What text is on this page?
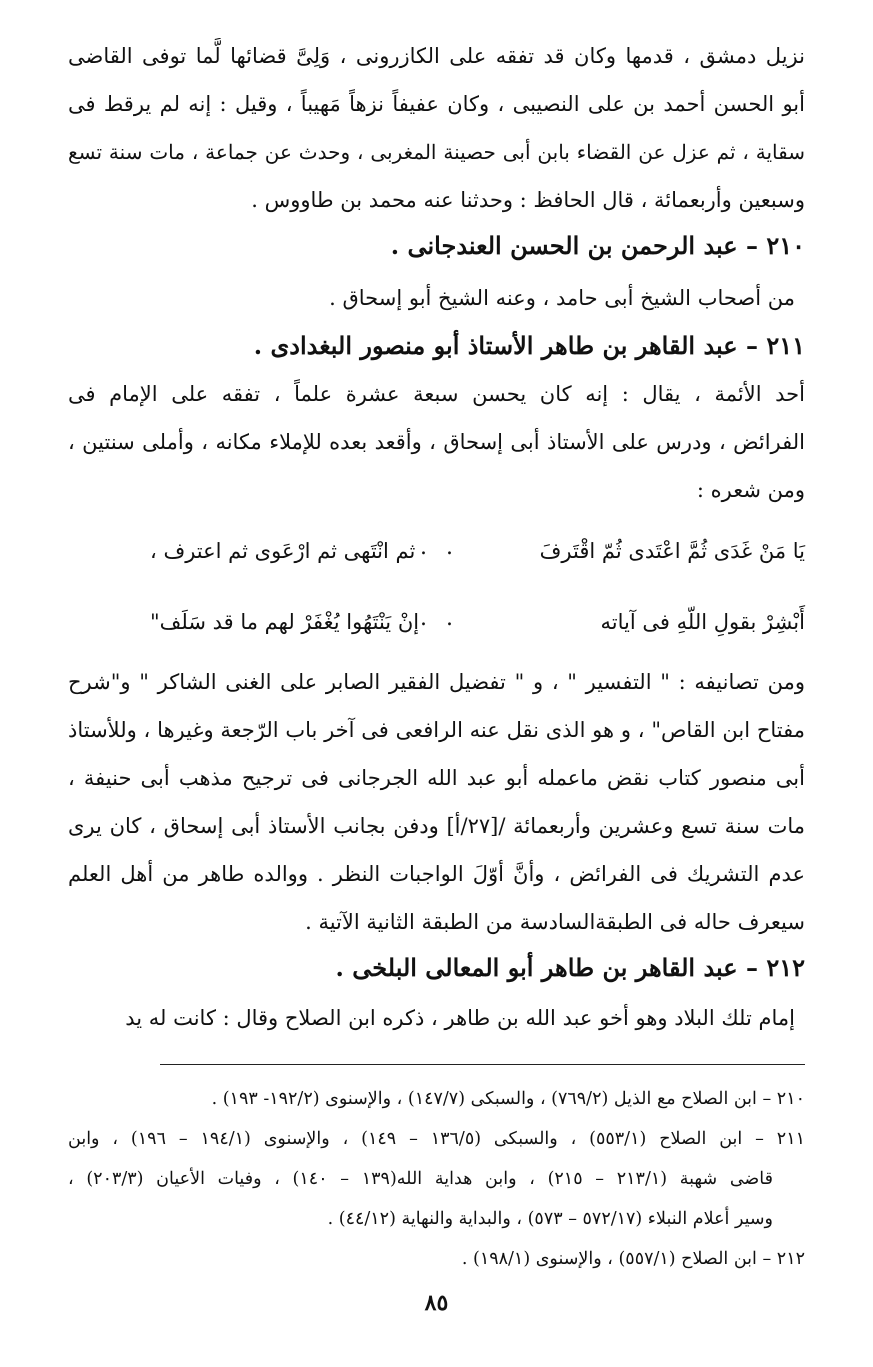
نزيل دمشق ، قدمها وكان قد تفقه على الكازرونى ، وَلِىَّ قضائها لَّما توفى القاضى
أبو الحسن أحمد بن على النصيبى ، وكان عفيفاً نزهاً مَهيباً ، وقيل : إنه لم يرقط فى
سقاية ، ثم عزل عن القضاء بابن أبى حصينة المغربى ، وحدث عن جماعة ، مات سنة تسع
وسبعين وأربعمائة ، قال الحافظ : وحدثنا عنه محمد بن طاووس .
٢١٠ – عبد الرحمن بن الحسن العندجانى .
من أصحاب الشيخ أبى حامد ، وعنه الشيخ أبو إسحاق .
٢١١ – عبد القاهر بن طاهر الأستاذ أبو منصور البغدادى .
أحد الأئمة ، يقال : إنه كان يحسن سبعة عشرة علماً ، تفقه على الإمام فى
الفرائض ، ودرس على الأستاذ أبى إسحاق ، وأقعد بعده للإملاء مكانه ، وأملى سنتين ،
ومن شعره :
يَا مَنْ غَدَى ثُمَّ اعْتَدى ثُمّ اقْتَرفَ
. .
ثم انْتَهى ثم ارْعَوى ثم اعترف ،
أَبْشِرْ بقولِ اللّهِ فى آياته
. .
إنْ يَنْتَهُوا يُغْفَرْ لهم ما قد سَلَف"
ومن تصانيفه : " التفسير " ، و " تفضيل الفقير الصابر على الغنى الشاكر " و"شرح
مفتاح ابن القاص" ، و هو الذى نقل عنه الرافعى فى آخر باب الرّجعة وغيرها ، وللأستاذ
أبى منصور كتاب نقض ماعمله أبو عبد الله الجرجانى فى ترجيح مذهب أبى حنيفة ،
مات سنة تسع وعشرين وأربعمائة /[٢٧/أ] ودفن بجانب الأستاذ أبى إسحاق ، كان يرى
عدم التشريك فى الفرائض ، وأنَّ أوّلَ الواجبات النظر . ووالده طاهر من أهل العلم
سيعرف حاله فى الطبقةالسادسة من الطبقة الثانية الآتية .
٢١٢ – عبد القاهر بن طاهر أبو المعالى البلخى .
إمام تلك البلاد وهو أخو عبد الله بن طاهر ، ذكره ابن الصلاح وقال : كانت له يد
٢١٠ – ابن الصلاح مع الذيل (٧٦٩/٢) ، والسبكى (١٤٧/٧) ، والإسنوى (١٩٢/٢- ١٩٣) .
٢١١ – ابن الصلاح (٥٥٣/١) ، والسبكى (١٣٦/٥ – ١٤٩) ، والإسنوى (١٩٤/١ – ١٩٦) ، وابن
قاضى شهبة (٢١٣/١ – ٢١٥) ، وابن هداية الله(١٣٩ – ١٤٠) ، وفيات الأعيان (٢٠٣/٣) ،
وسير أعلام النبلاء (٥٧٢/١٧ – ٥٧٣) ، والبداية والنهاية (٤٤/١٢) .
٢١٢ – ابن الصلاح (٥٥٧/١) ، والإسنوى (١٩٨/١) .
٨٥
